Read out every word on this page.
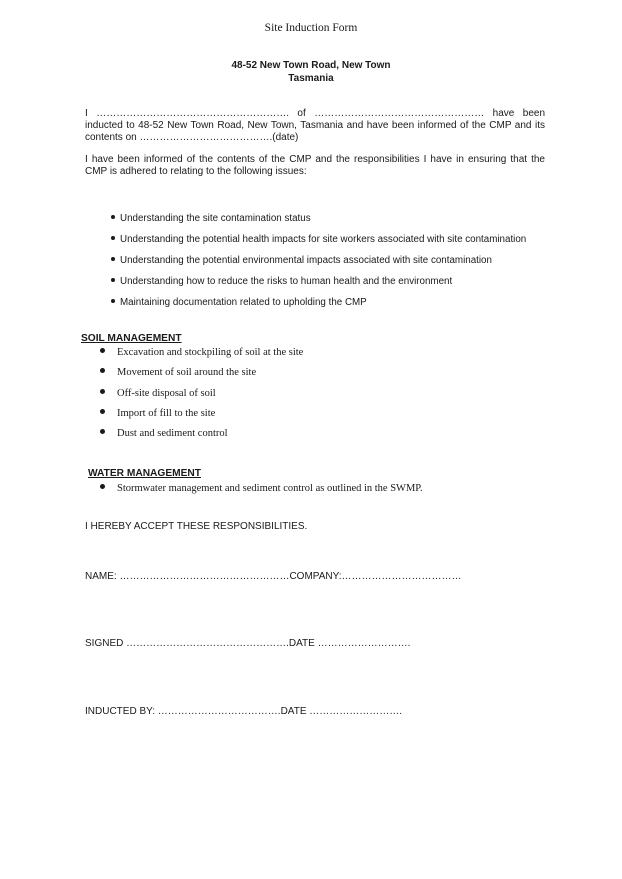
Site Induction Form
48-52 New Town Road, New Town
Tasmania
I …………………………………………………. of …………………………………………… have been inducted to 48-52 New Town Road, New Town, Tasmania and have been informed of the CMP and its contents on ………………………………….(date)
I have been informed of the contents of the CMP and the responsibilities I have in ensuring that the CMP is adhered to relating to the following issues:
Understanding the site contamination status
Understanding the potential health impacts for site workers associated with site contamination
Understanding the potential environmental impacts associated with site contamination
Understanding how to reduce the risks to human health and the environment
Maintaining documentation related to upholding the CMP
SOIL MANAGEMENT
Excavation and stockpiling of soil at the site
Movement of soil around the site
Off-site disposal of soil
Import of fill to the site
Dust and sediment control
WATER MANAGEMENT
Stormwater management and sediment control as outlined in the SWMP.
I HEREBY ACCEPT THESE RESPONSIBILITIES.
NAME: ……………………………………………COMPANY:………………………………
SIGNED ………………………………………….DATE ……………………….
INDUCTED BY: ……………………………….DATE ……………………….
